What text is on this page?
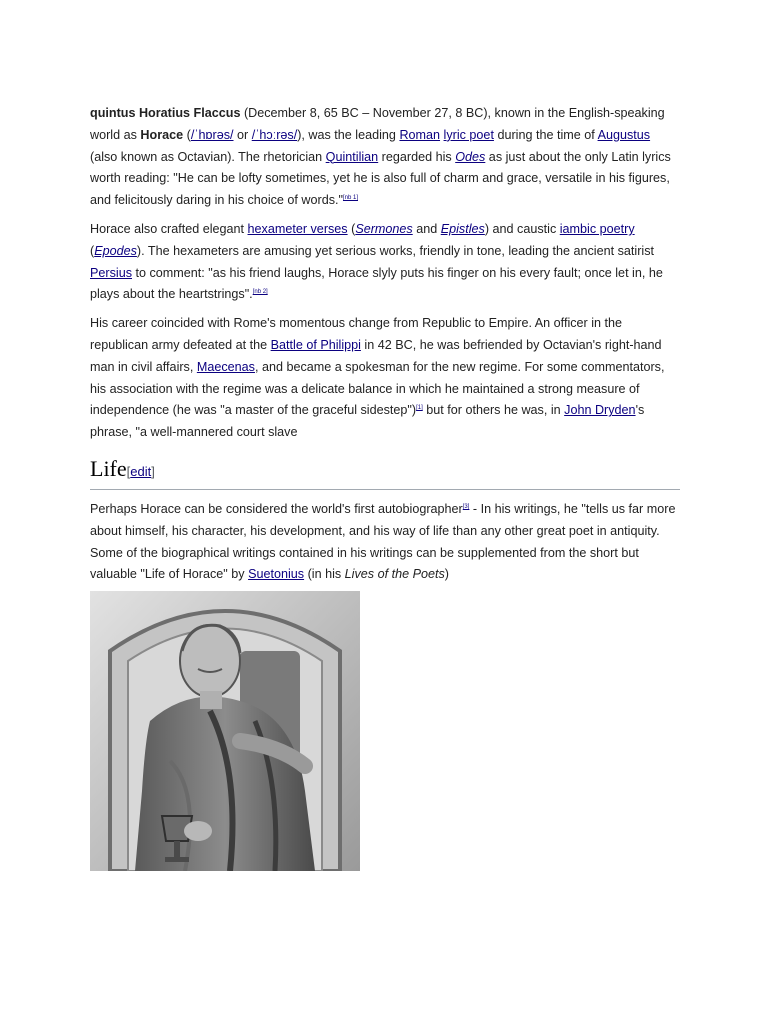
quintus Horatius Flaccus (December 8, 65 BC – November 27, 8 BC), known in the English-speaking world as Horace (/ˈhɒrəs/ or /ˈhɔːrəs/), was the leading Roman lyric poet during the time of Augustus (also known as Octavian). The rhetorician Quintilian regarded his Odes as just about the only Latin lyrics worth reading: "He can be lofty sometimes, yet he is also full of charm and grace, versatile in his figures, and felicitously daring in his choice of words."[nb 1]

Horace also crafted elegant hexameter verses (Sermones and Epistles) and caustic iambic poetry (Epodes). The hexameters are amusing yet serious works, friendly in tone, leading the ancient satirist Persius to comment: "as his friend laughs, Horace slyly puts his finger on his every fault; once let in, he plays about the heartstrings".[nb 2]

His career coincided with Rome's momentous change from Republic to Empire. An officer in the republican army defeated at the Battle of Philippi in 42 BC, he was befriended by Octavian's right-hand man in civil affairs, Maecenas, and became a spokesman for the new regime. For some commentators, his association with the regime was a delicate balance in which he maintained a strong measure of independence (he was "a master of the graceful sidestep")[1] but for others he was, in John Dryden's phrase, "a well-mannered court slave

Life[edit]

Perhaps Horace can be considered the world's first autobiographer[3] - In his writings, he "tells us far more about himself, his character, his development, and his way of life than any other great poet in antiquity. Some of the biographical writings contained in his writings can be supplemented from the short but valuable "Life of Horace" by Suetonius (in his Lives of the Poets)
